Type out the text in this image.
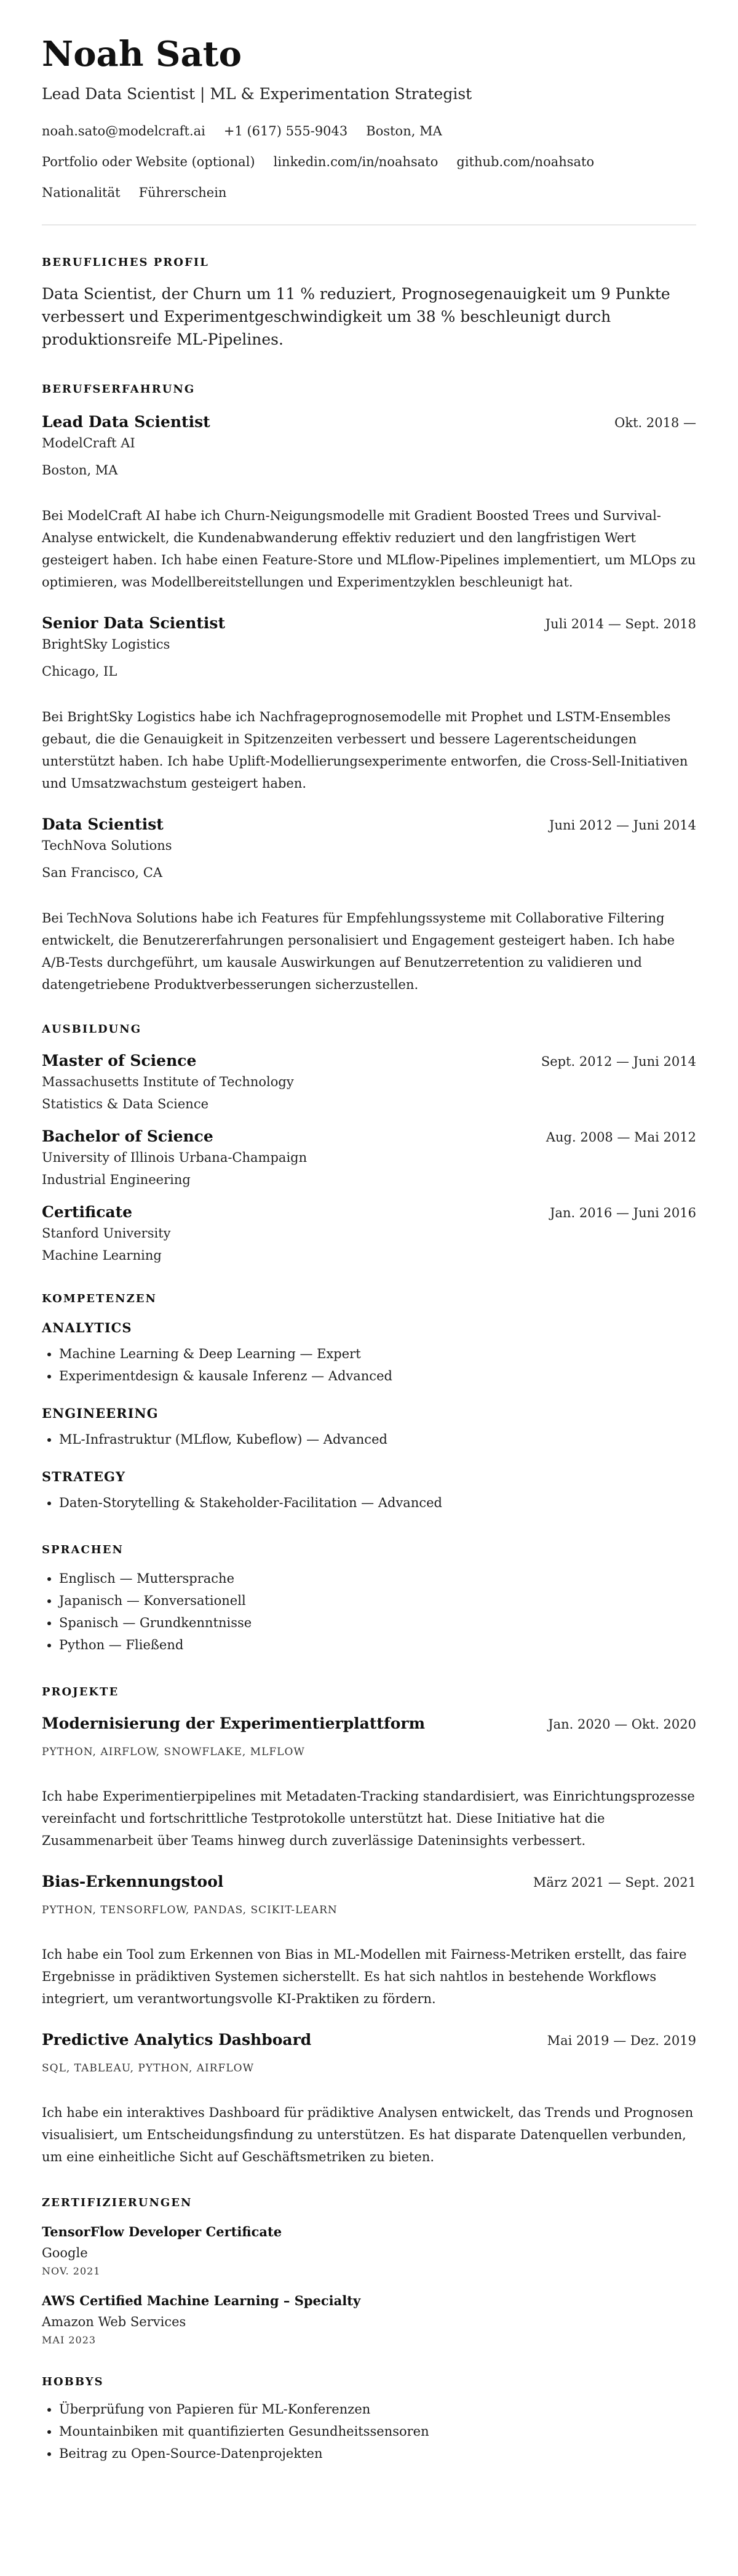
Noah Sato
Lead Data Scientist | ML & Experimentation Strategist
noah.sato@modelcraft.ai +1 (617) 555-9043 Boston, MA
Portfolio oder Website (optional) linkedin.com/in/noahsato github.com/noahsato
Nationalität Führerschein
BERUFLICHES PROFIL
Data Scientist, der Churn um 11 % reduziert, Prognosegenauigkeit um 9 Punkte verbessert und Experimentgeschwindigkeit um 38 % beschleunigt durch produktionsreife ML-Pipelines.
BERUFSERFAHRUNG
Lead Data Scientist	Okt. 2018 —
ModelCraft AI
Boston, MA
Bei ModelCraft AI habe ich Churn-Neigungsmodelle mit Gradient Boosted Trees und Survival-Analyse entwickelt, die Kundenabwanderung effektiv reduziert und den langfristigen Wert gesteigert haben. Ich habe einen Feature-Store und MLflow-Pipelines implementiert, um MLOps zu optimieren, was Modellbereitstellungen und Experimentzyklen beschleunigt hat.
Senior Data Scientist	Juli 2014 — Sept. 2018
BrightSky Logistics
Chicago, IL
Bei BrightSky Logistics habe ich Nachfrageprognosemodelle mit Prophet und LSTM-Ensembles gebaut, die die Genauigkeit in Spitzenzeiten verbessert und bessere Lagerentscheidungen unterstützt haben. Ich habe Uplift-Modellierungsexperimente entworfen, die Cross-Sell-Initiativen und Umsatzwachstum gesteigert haben.
Data Scientist	Juni 2012 — Juni 2014
TechNova Solutions
San Francisco, CA
Bei TechNova Solutions habe ich Features für Empfehlungssysteme mit Collaborative Filtering entwickelt, die Benutzererfahrungen personalisiert und Engagement gesteigert haben. Ich habe A/B-Tests durchgeführt, um kausale Auswirkungen auf Benutzerretention zu validieren und datengetriebene Produktverbesserungen sicherzustellen.
AUSBILDUNG
Master of Science	Sept. 2012 — Juni 2014
Massachusetts Institute of Technology
Statistics & Data Science
Bachelor of Science	Aug. 2008 — Mai 2012
University of Illinois Urbana-Champaign
Industrial Engineering
Certificate	Jan. 2016 — Juni 2016
Stanford University
Machine Learning
KOMPETENZEN
ANALYTICS
• Machine Learning & Deep Learning — Expert
• Experimentdesign & kausale Inferenz — Advanced
ENGINEERING
• ML-Infrastruktur (MLflow, Kubeflow) — Advanced
STRATEGY
• Daten-Storytelling & Stakeholder-Facilitation — Advanced
SPRACHEN
• Englisch — Muttersprache
• Japanisch — Konversationell
• Spanisch — Grundkenntnisse
• Python — Fließend
PROJEKTE
Modernisierung der Experimentierplattform	Jan. 2020 — Okt. 2020
PYTHON, AIRFLOW, SNOWFLAKE, MLFLOW
Ich habe Experimentierpipelines mit Metadaten-Tracking standardisiert, was Einrichtungsprozesse vereinfacht und fortschrittliche Testprotokolle unterstützt hat. Diese Initiative hat die Zusammenarbeit über Teams hinweg durch zuverlässige Dateninsights verbessert.
Bias-Erkennungstool	März 2021 — Sept. 2021
PYTHON, TENSORFLOW, PANDAS, SCIKIT-LEARN
Ich habe ein Tool zum Erkennen von Bias in ML-Modellen mit Fairness-Metriken erstellt, das faire Ergebnisse in prädiktiven Systemen sicherstellt. Es hat sich nahtlos in bestehende Workflows integriert, um verantwortungsvolle KI-Praktiken zu fördern.
Predictive Analytics Dashboard	Mai 2019 — Dez. 2019
SQL, TABLEAU, PYTHON, AIRFLOW
Ich habe ein interaktives Dashboard für prädiktive Analysen entwickelt, das Trends und Prognosen visualisiert, um Entscheidungsfindung zu unterstützen. Es hat disparate Datenquellen verbunden, um eine einheitliche Sicht auf Geschäftsmetriken zu bieten.
ZERTIFIZIERUNGEN
TensorFlow Developer Certificate
Google
NOV. 2021
AWS Certified Machine Learning – Specialty
Amazon Web Services
MAI 2023
HOBBYS
• Überprüfung von Papieren für ML-Konferenzen
• Mountainbiken mit quantifizierten Gesundheitssensoren
• Beitrag zu Open-Source-Datenprojekten
